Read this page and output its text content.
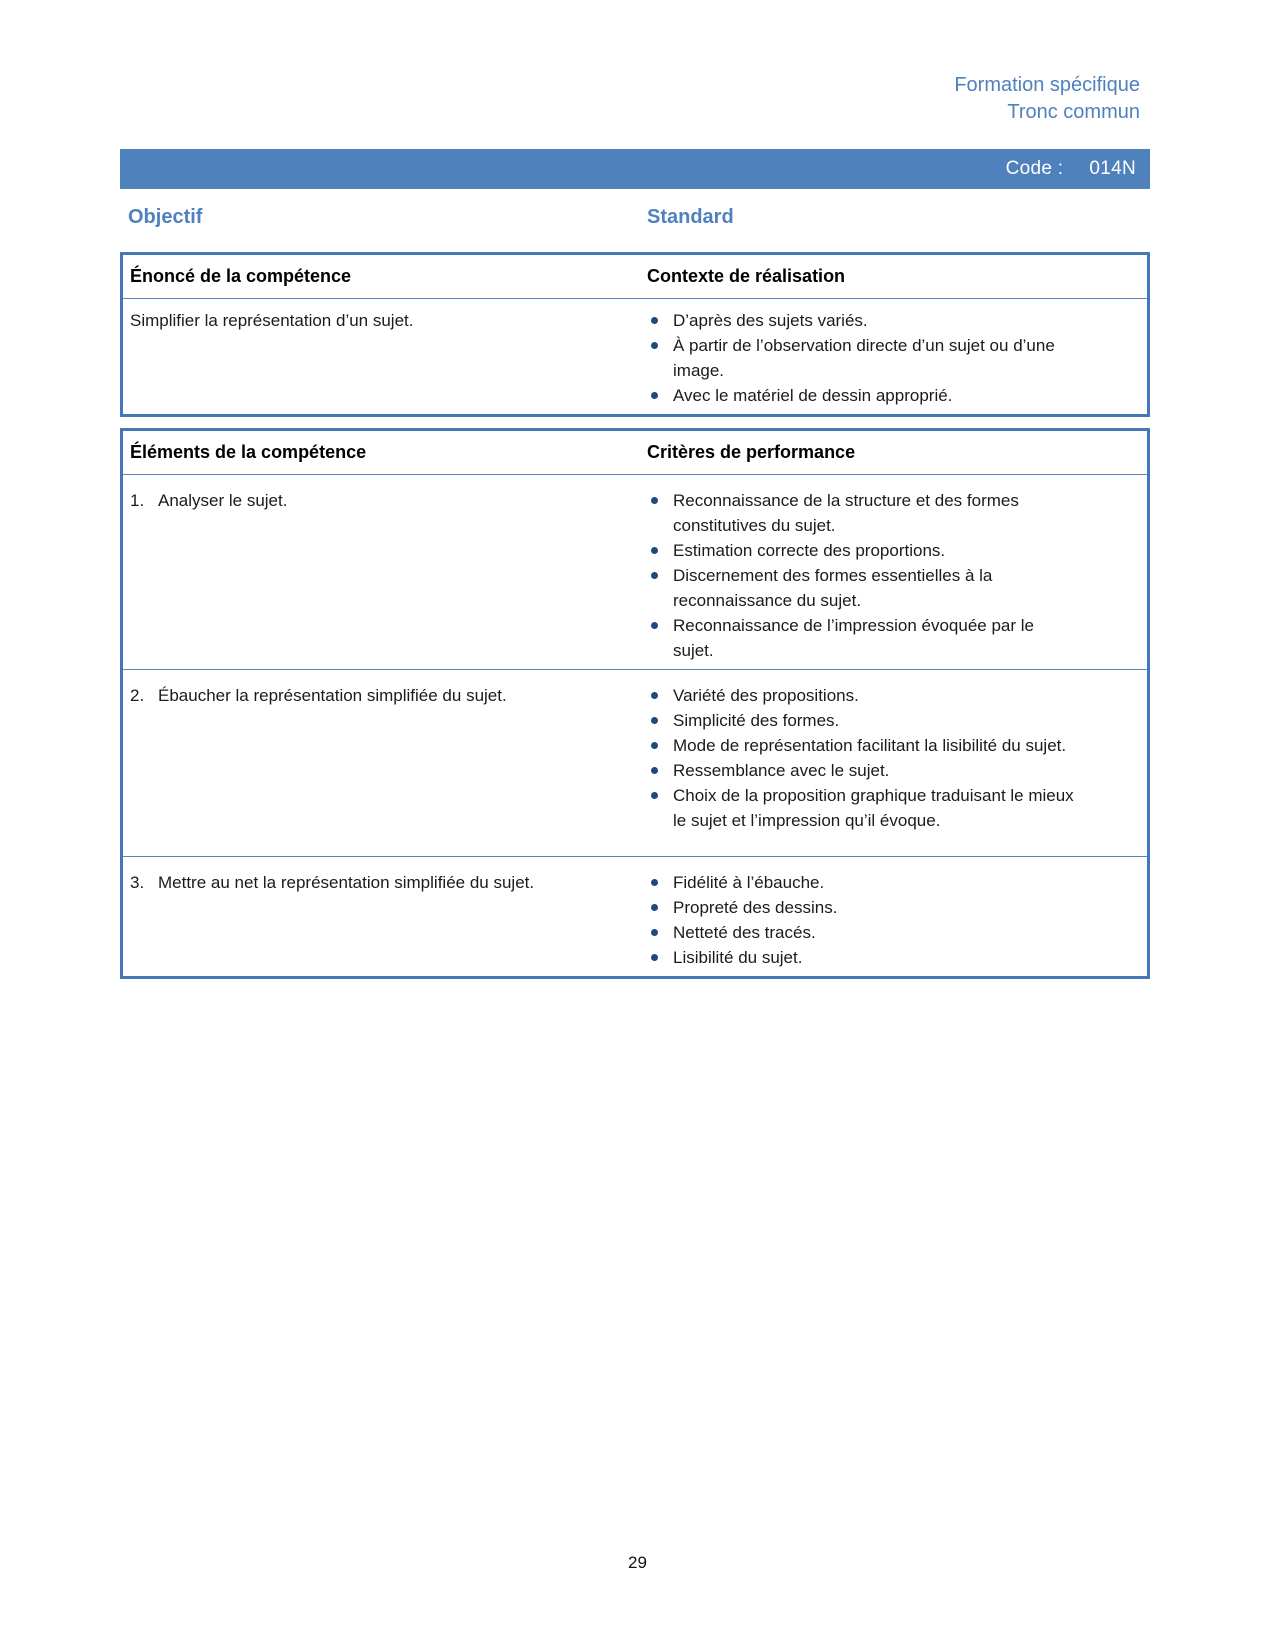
Formation spécifique
Tronc commun
Code : 014N
Objectif	Standard
Énoncé de la compétence	Contexte de réalisation
Simplifier la représentation d’un sujet.	D’après des sujets variés.
À partir de l’observation directe d’un sujet ou d’une image.
Avec le matériel de dessin approprié.
Éléments de la compétence	Critères de performance
1. Analyser le sujet.	Reconnaissance de la structure et des formes constitutives du sujet.
Estimation correcte des proportions.
Discernement des formes essentielles à la reconnaissance du sujet.
Reconnaissance de l’impression évoquée par le sujet.
2. Ébaucher la représentation simplifiée du sujet.	Variété des propositions.
Simplicité des formes.
Mode de représentation facilitant la lisibilité du sujet.
Ressemblance avec le sujet.
Choix de la proposition graphique traduisant le mieux le sujet et l’impression qu’il évoque.
3. Mettre au net la représentation simplifiée du sujet.	Fidélité à l’ébauche.
Propreté des dessins.
Netteté des tracés.
Lisibilité du sujet.
29
